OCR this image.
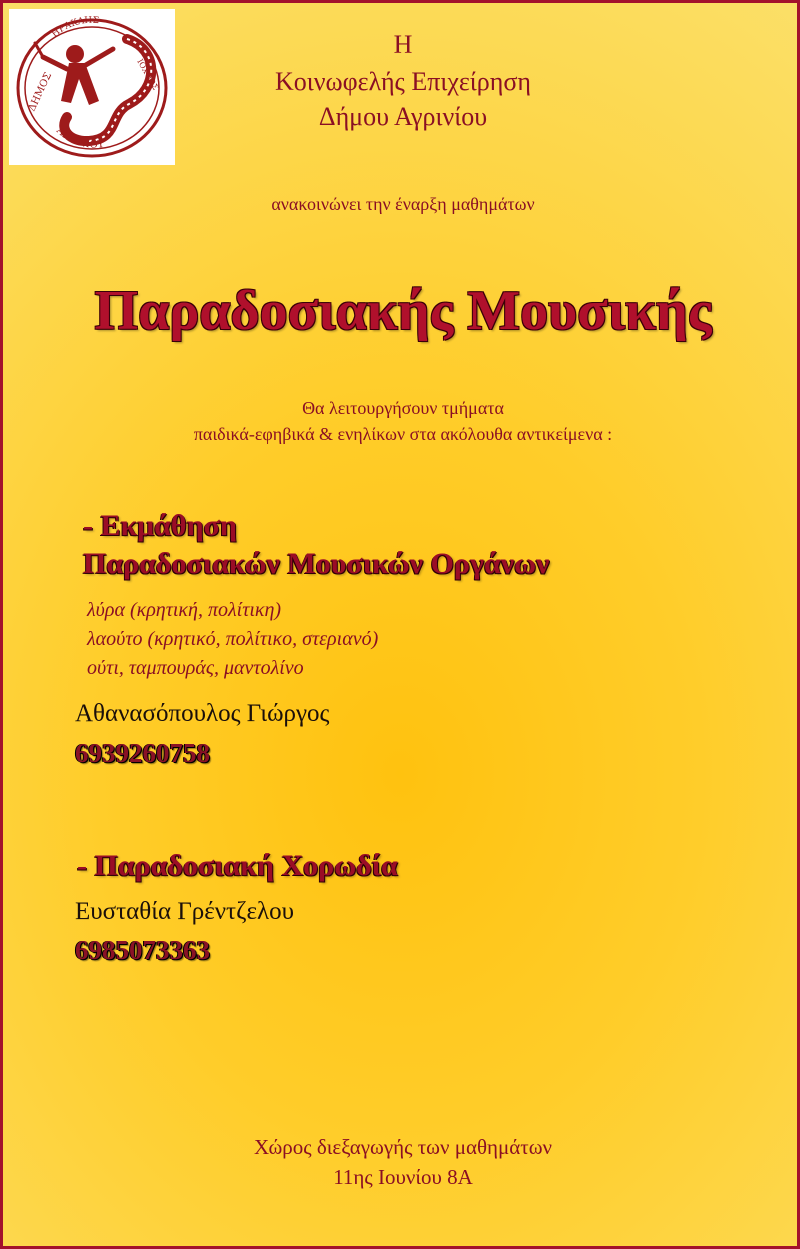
ΗΡΑΚΛΗΣ
ΙΟΧΘΟΣ
ΔΗΜΟΣ
ΑΓΡΙΝΙΟΥ
Η
Κοινωφελής Επιχείρηση
Δήμου Αγρινίου
ανακοινώνει την έναρξη μαθημάτων
Παραδοσιακής Μουσικής
Θα λειτουργήσουν τμήματα
παιδικά-εφηβικά & ενηλίκων στα ακόλουθα αντικείμενα :
- Εκμάθηση
Παραδοσιακών Μουσικών Οργάνων
λύρα (κρητική, πολίτικη)
λαούτο (κρητικό, πολίτικο, στεριανό)
ούτι, ταμπουράς, μαντολίνο
Αθανασόπουλος Γιώργος
6939260758
- Παραδοσιακή Χορωδία
Ευσταθία Γρέντζελου
6985073363
Χώρος διεξαγωγής των μαθημάτων
11ης Ιουνίου 8Α
